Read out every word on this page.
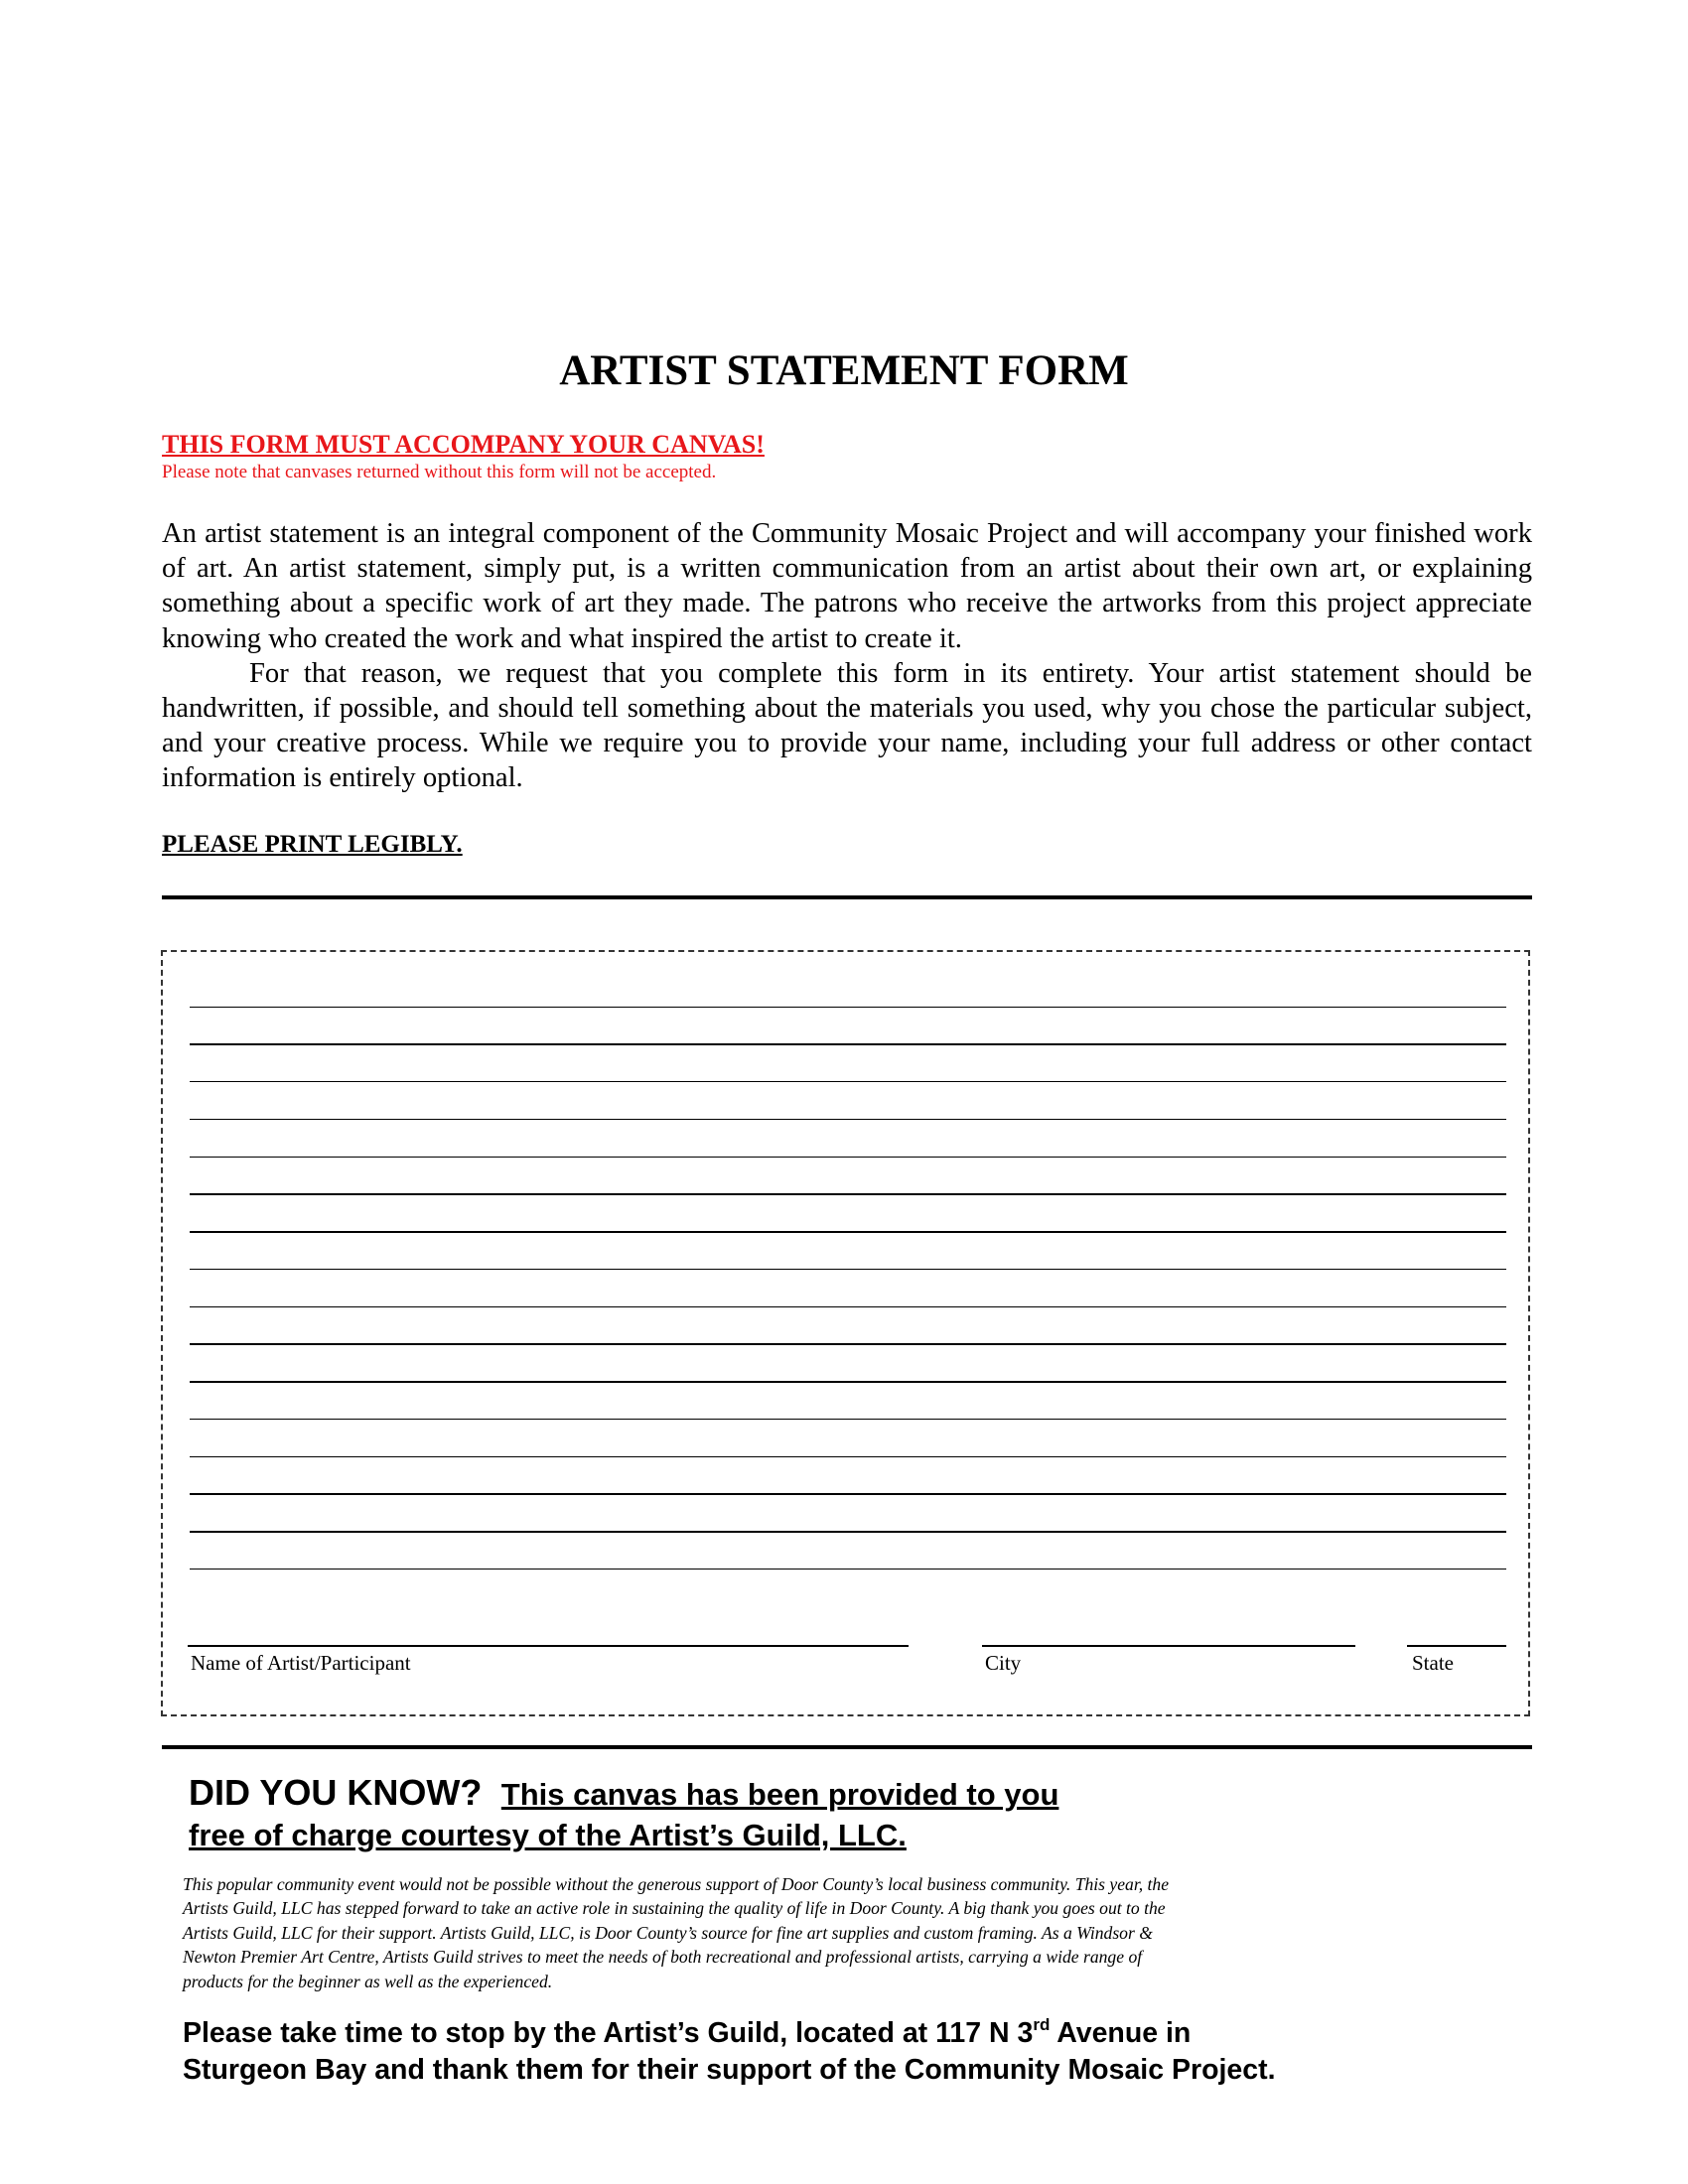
ARTIST STATEMENT FORM
THIS FORM MUST ACCOMPANY YOUR CANVAS!
Please note that canvases returned without this form will not be accepted.

An artist statement is an integral component of the Community Mosaic Project and will accompany your finished work of art. An artist statement, simply put, is a written communication from an artist about their own art, or explaining something about a specific work of art they made. The patrons who receive the artworks from this project appreciate knowing who created the work and what inspired the artist to create it.

For that reason, we request that you complete this form in its entirety. Your artist statement should be handwritten, if possible, and should tell something about the materials you used, why you chose the particular subject, and your creative process. While we require you to provide your name, including your full address or other contact information is entirely optional.

PLEASE PRINT LEGIBLY.
Name of Artist/Participant	City	State
DID YOU KNOW? This canvas has been provided to you
free of charge courtesy of the Artist’s Guild, LLC.
This popular community event would not be possible without the generous support of Door County’s local business community. This year, the Artists Guild, LLC has stepped forward to take an active role in sustaining the quality of life in Door County. A big thank you goes out to the Artists Guild, LLC for their support. Artists Guild, LLC, is Door County’s source for fine art supplies and custom framing. As a Windsor & Newton Premier Art Centre, Artists Guild strives to meet the needs of both recreational and professional artists, carrying a wide range of products for the beginner as well as the experienced.
Please take time to stop by the Artist’s Guild, located at 117 N 3rd Avenue in
Sturgeon Bay and thank them for their support of the Community Mosaic Project.
